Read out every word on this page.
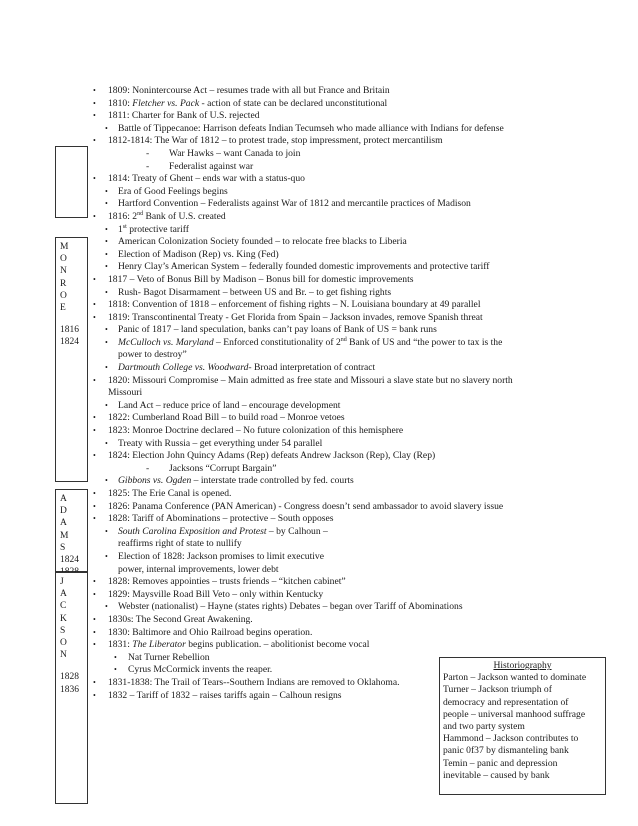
M
O
N
R
O
E
1816
1824
A
D
A
M
S
1824
J
A
C
K
S
O
N
1828
1836
• 1809: Nonintercourse Act – resumes trade with all but France and Britain
• 1810: Fletcher vs. Pack - action of state can be declared unconstitutional
• 1811: Charter for Bank of U.S. rejected
• Battle of Tippecanoe: Harrison defeats Indian Tecumseh who made alliance with Indians for defense
• 1812-1814: The War of 1812 – to protest trade, stop impressment, protect mercantilism
- War Hawks – want Canada to join
- Federalist against war
• 1814: Treaty of Ghent – ends war with a status-quo
• Era of Good Feelings begins
• Hartford Convention – Federalists against War of 1812 and mercantile practices of Madison
• 1816: 2nd Bank of U.S. created
• 1st protective tariff
• American Colonization Society founded – to relocate free blacks to Liberia
• Election of Madison (Rep) vs. King (Fed)
• Henry Clay’s American System – federally founded domestic improvements and protective tariff
• 1817 – Veto of Bonus Bill by Madison – Bonus bill for domestic improvements
• Rush- Bagot Disarmament – between US and Br. – to get fishing rights
• 1818: Convention of 1818 – enforcement of fishing rights – N. Louisiana boundary at 49 parallel
• 1819: Transcontinental Treaty - Get Florida from Spain – Jackson invades, remove Spanish threat
• Panic of 1817 – land speculation, banks can’t pay loans of Bank of US = bank runs
• McCulloch vs. Maryland – Enforced constitutionality of 2nd Bank of US and “the power to tax is the
power to destroy”
• Dartmouth College vs. Woodward- Broad interpretation of contract
• 1820: Missouri Compromise – Main admitted as free state and Missouri a slave state but no slavery north
Missouri
• Land Act – reduce price of land – encourage development
• 1822: Cumberland Road Bill – to build road – Monroe vetoes
• 1823: Monroe Doctrine declared – No future colonization of this hemisphere
• Treaty with Russia – get everything under 54 parallel
• 1824: Election John Quincy Adams (Rep) defeats Andrew Jackson (Rep), Clay (Rep)
- Jacksons “Corrupt Bargain”
• Gibbons vs. Ogden – interstate trade controlled by fed. courts
• 1825: The Erie Canal is opened.
• 1826: Panama Conference (PAN American) - Congress doesn’t send ambassador to avoid slavery issue
• 1828: Tariff of Abominations – protective – South opposes
• South Carolina Exposition and Protest – by Calhoun –
reaffirms right of state to nullify
• Election of 1828: Jackson promises to limit executive
power, internal improvements, lower debt
• 1828: Removes appointies – trusts friends – “kitchen cabinet”
• 1829: Maysville Road Bill Veto – only within Kentucky
• Webster (nationalist) – Hayne (states rights) Debates – began over Tariff of Abominations
• 1830s: The Second Great Awakening.
• 1830: Baltimore and Ohio Railroad begins operation.
• 1831: The Liberator begins publication. – abolitionist become vocal
• Nat Turner Rebellion
• Cyrus McCormick invents the reaper.
• 1831-1838: The Trail of Tears--Southern Indians are removed to Oklahoma.
• 1832 – Tariff of 1832 – raises tariffs again – Calhoun resigns
Historiography
Parton – Jackson wanted to dominate
Turner – Jackson triumph of
democracy and representation of
people – universal manhood suffrage
and two party system
Hammond – Jackson contributes to
panic 0f37 by dismanteling bank
Temin – panic and depression
inevitable – caused by bank
